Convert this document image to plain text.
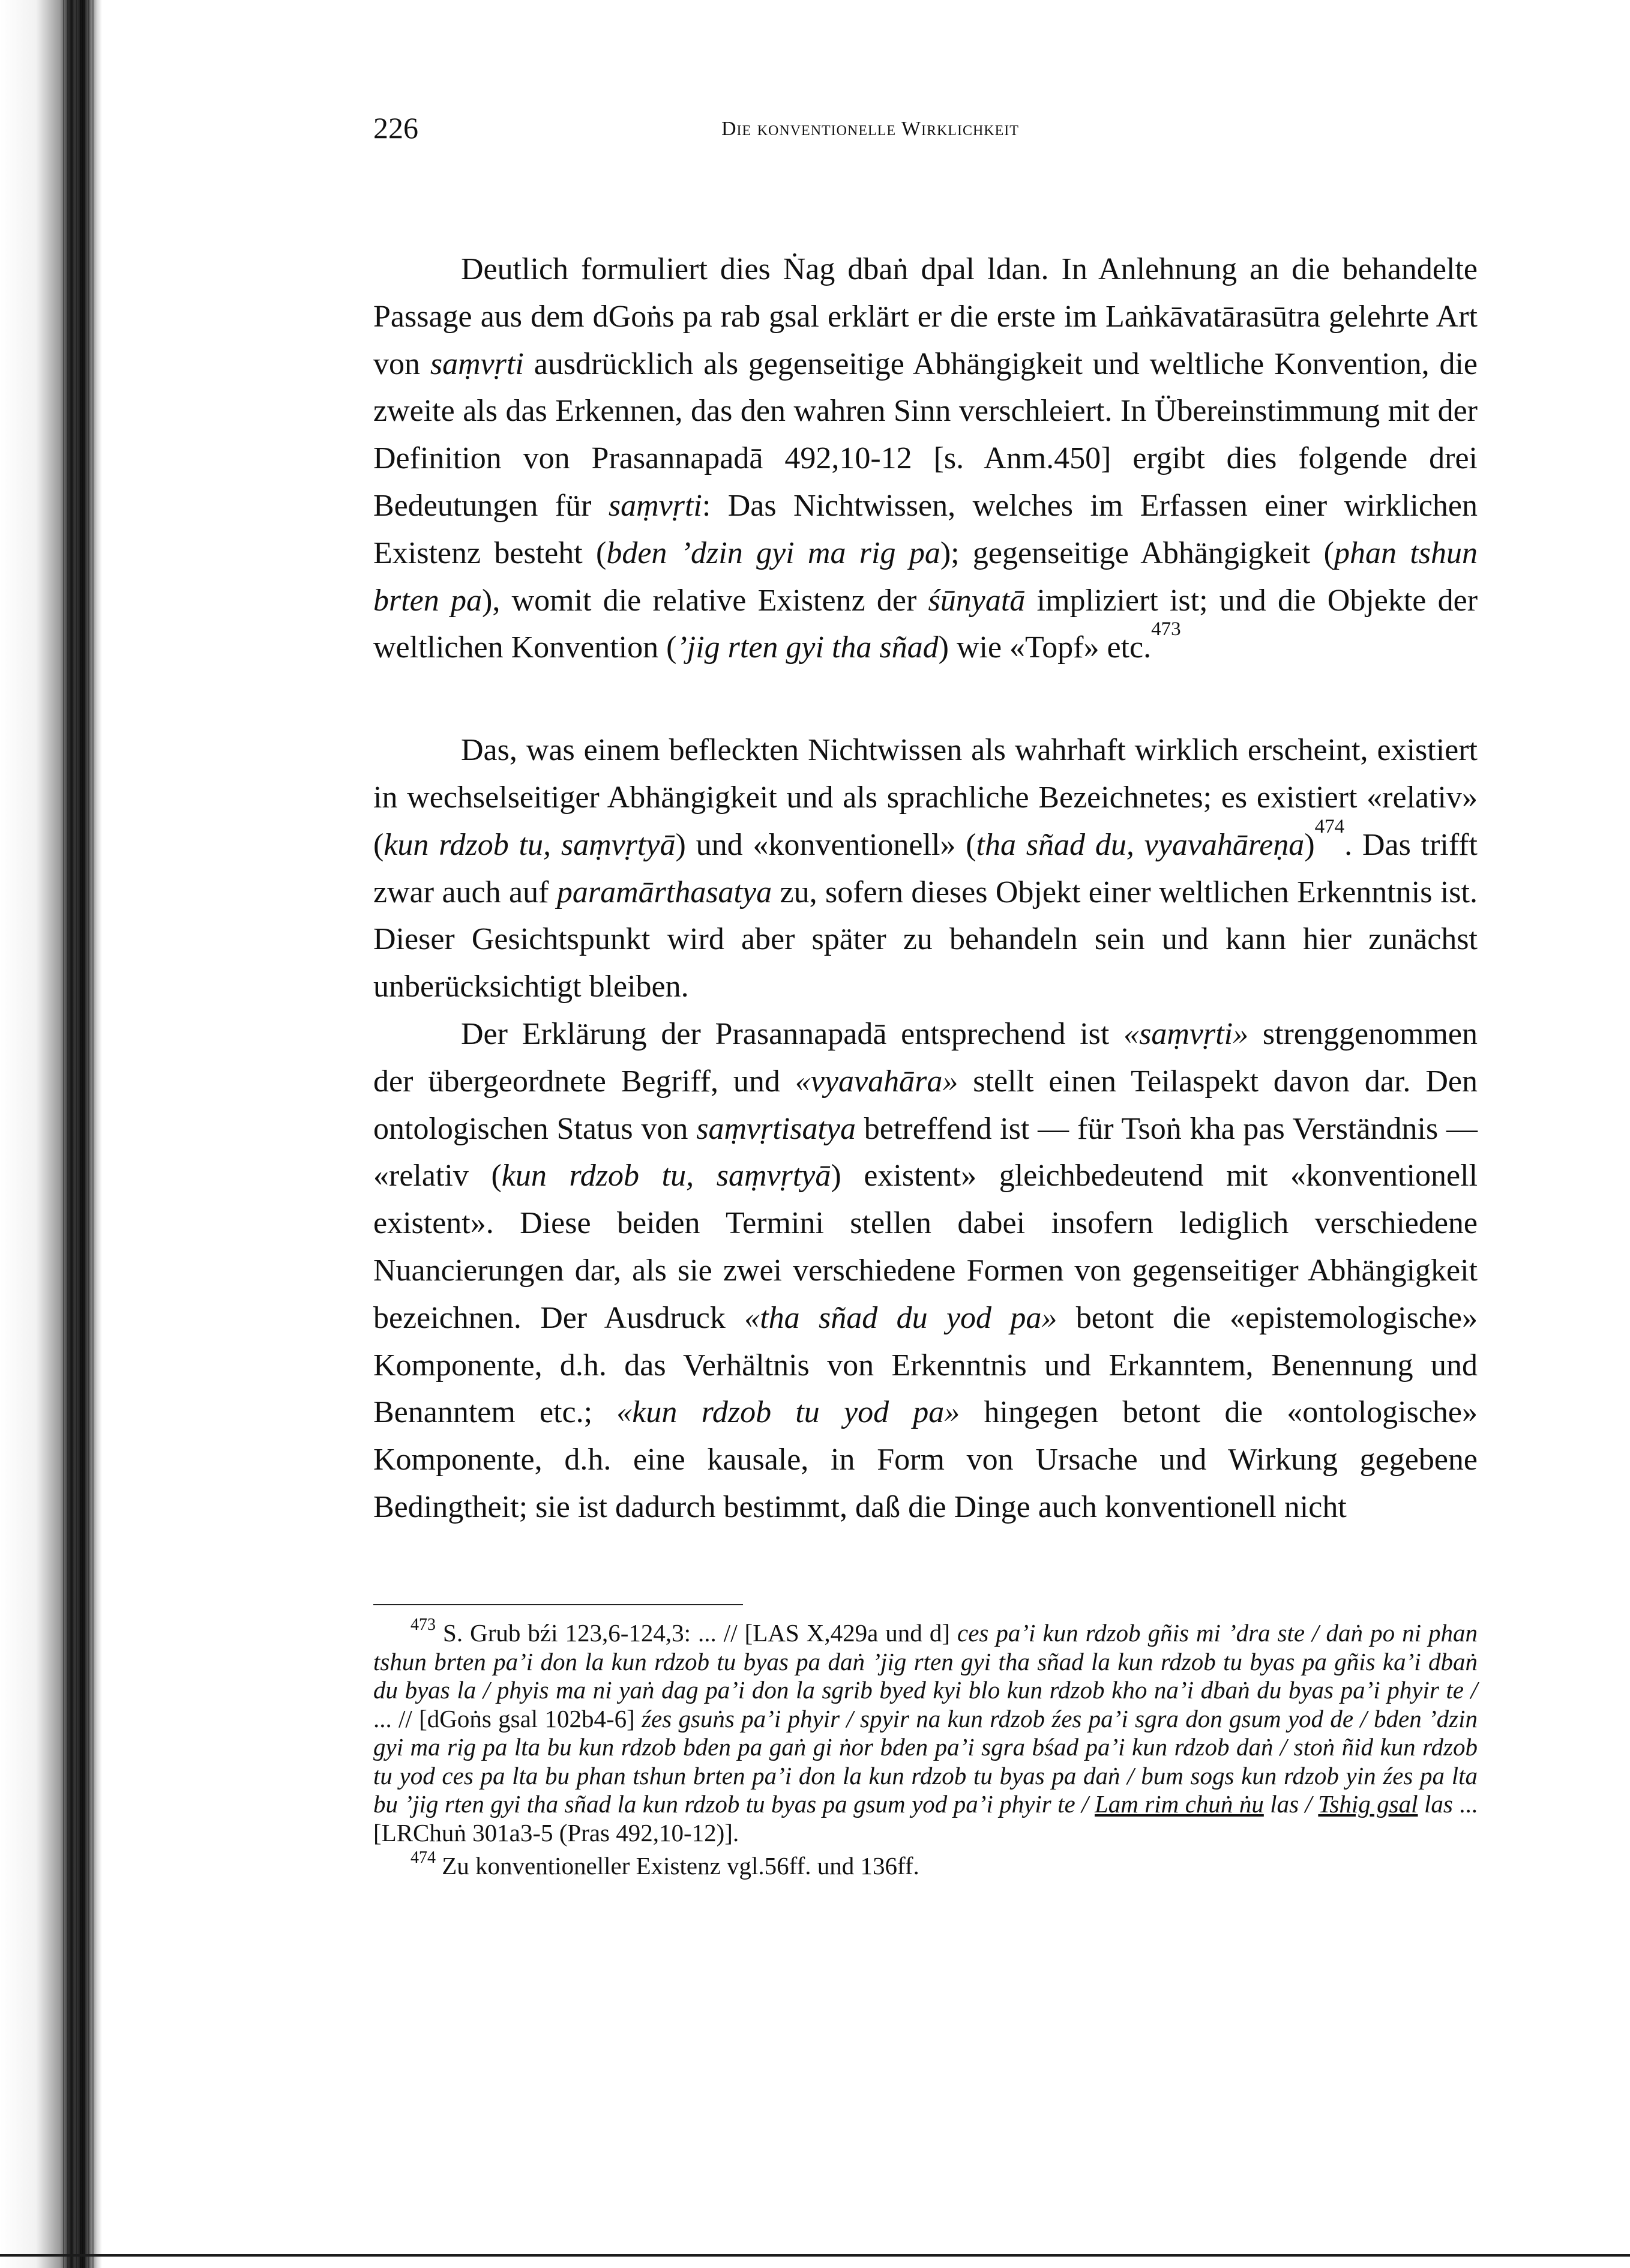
226	Die konventionelle Wirklichkeit

Deutlich formuliert dies Ṅag dbaṅ dpal ldan. In Anlehnung an die behandelte Passage aus dem dGoṅs pa rab gsal erklärt er die erste im Laṅkāvatārasūtra gelehrte Art von saṃvṛti ausdrücklich als gegenseitige Abhängigkeit und weltliche Konvention, die zweite als das Erkennen, das den wahren Sinn verschleiert. In Übereinstimmung mit der Definition von Prasannapadā 492,10-12 [s. Anm.450] ergibt dies folgende drei Bedeutungen für saṃvṛti: Das Nichtwissen, welches im Erfassen einer wirklichen Existenz besteht (bden ’dzin gyi ma rig pa); gegenseitige Abhängigkeit (phan tshun brten pa), womit die relative Existenz der śūnyatā impliziert ist; und die Objekte der weltlichen Konvention (’jig rten gyi tha sñad) wie «Topf» etc.$^{473}$

Das, was einem befleckten Nichtwissen als wahrhaft wirklich erscheint, existiert in wechselseitiger Abhängigkeit und als sprachliche Bezeichnetes; es existiert «relativ» (kun rdzob tu, saṃvṛtyā) und «konventionell» (tha sñad du, vyavahāreṇa)$^{474}$. Das trifft zwar auch auf paramārthasatya zu, sofern dieses Objekt einer weltlichen Erkenntnis ist. Dieser Gesichtspunkt wird aber später zu behandeln sein und kann hier zunächst unberücksichtigt bleiben.

Der Erklärung der Prasannapadā entsprechend ist «saṃvṛti» strenggenommen der übergeordnete Begriff, und «vyavahāra» stellt einen Teilaspekt davon dar. Den ontologischen Status von saṃvṛtisatya betreffend ist — für Tsoṅ kha pas Verständnis — «relativ (kun rdzob tu, saṃvṛtyā) existent» gleichbedeutend mit «konventionell existent». Diese beiden Termini stellen dabei insofern lediglich verschiedene Nuancierungen dar, als sie zwei verschiedene Formen von gegenseitiger Abhängigkeit bezeichnen. Der Ausdruck «tha sñad du yod pa» betont die «epistemologische» Komponente, d.h. das Verhältnis von Erkenntnis und Erkanntem, Benennung und Benanntem etc.; «kun rdzob tu yod pa» hingegen betont die «ontologische» Komponente, d.h. eine kausale, in Form von Ursache und Wirkung gegebene Bedingtheit; sie ist dadurch bestimmt, daß die Dinge auch konventionell nicht

$^{473}$ S. Grub bźi 123,6-124,3: ... // [LAS X,429a und d] ces pa’i kun rdzob gñis mi ’dra ste / daṅ po ni phan tshun brten pa’i don la kun rdzob tu byas pa daṅ ’jig rten gyi tha sñad la kun rdzob tu byas pa gñis ka’i dbaṅ du byas la / phyis ma ni yaṅ dag pa’i don la sgrib byed kyi blo kun rdzob kho na’i dbaṅ du byas pa’i phyir te / ... // [dGoṅs gsal 102b4-6] źes gsuṅs pa’i phyir / spyir na kun rdzob źes pa’i sgra don gsum yod de / bden ’dzin gyi ma rig pa lta bu kun rdzob bden pa gaṅ gi ṅor bden pa’i sgra bśad pa’i kun rdzob daṅ / stoṅ ñid kun rdzob tu yod ces pa lta bu phan tshun brten pa’i don la kun rdzob tu byas pa daṅ / bum sogs kun rdzob yin źes pa lta bu ’jig rten gyi tha sñad la kun rdzob tu byas pa gsum yod pa’i phyir te / Lam rim chuṅ ṅu las / Tshig gsal las ... [LRChuṅ 301a3-5 (Pras 492,10-12)].

$^{474}$ Zu konventioneller Existenz vgl.56ff. und 136ff.
